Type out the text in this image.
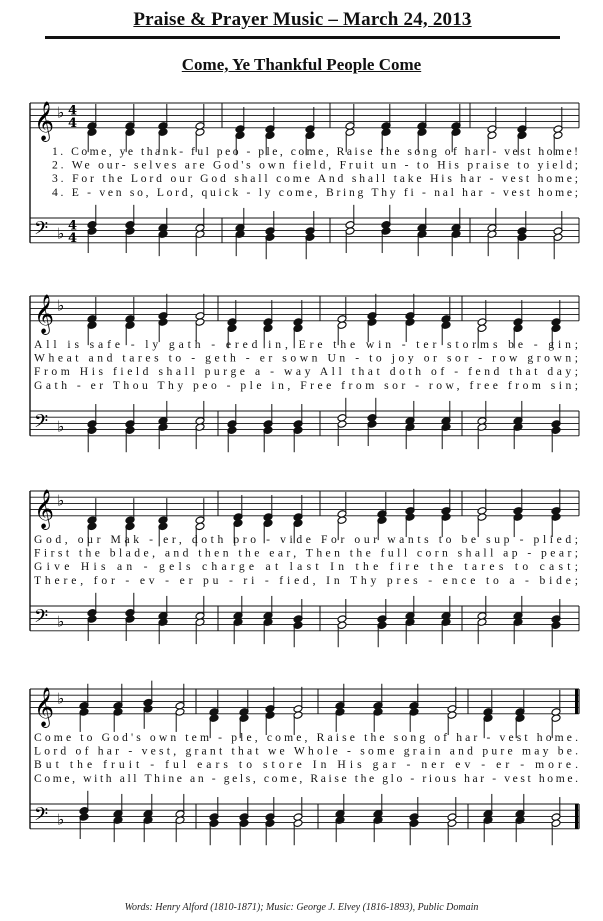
Praise & Prayer Music – March 24, 2013
Come, Ye Thankful People Come
𝄞
𝄢
♭
♭
4
4
4
4
1. Come, ye thank- ful peo - ple, come, Raise the song of har - vest home!
2. We our- selves are God's own field, Fruit un - to His praise to yield;
3. For the Lord our God shall come And shall take His har - vest home;
4. E - ven so, Lord, quick - ly come, Bring Thy fi - nal har - vest home;
𝄞
𝄢
♭
♭
All is safe - ly gath - ered in, Ere the win - ter storms be - gin;
Wheat and tares to - geth - er sown Un - to joy or sor - row grown;
From His field shall purge a - way All that doth of - fend that day;
Gath - er Thou Thy peo - ple in, Free from sor - row, free from sin;
𝄞
𝄢
♭
♭
God, our Mak - er, doth pro - vide For our wants to be sup - plied;
First the blade, and then the ear, Then the full corn shall ap - pear;
Give His an - gels charge at last In the fire the tares to cast;
There, for - ev - er pu - ri - fied, In Thy pres - ence to a - bide;
𝄞
𝄢
♭
♭
Come to God's own tem - ple, come, Raise the song of har - vest home.
Lord of har - vest, grant that we Whole - some grain and pure may be.
But the fruit - ful ears to store In His gar - ner ev - er - more.
Come, with all Thine an - gels, come, Raise the glo - rious har - vest home.
Words: Henry Alford (1810-1871); Music: George J. Elvey (1816-1893), Public Domain
